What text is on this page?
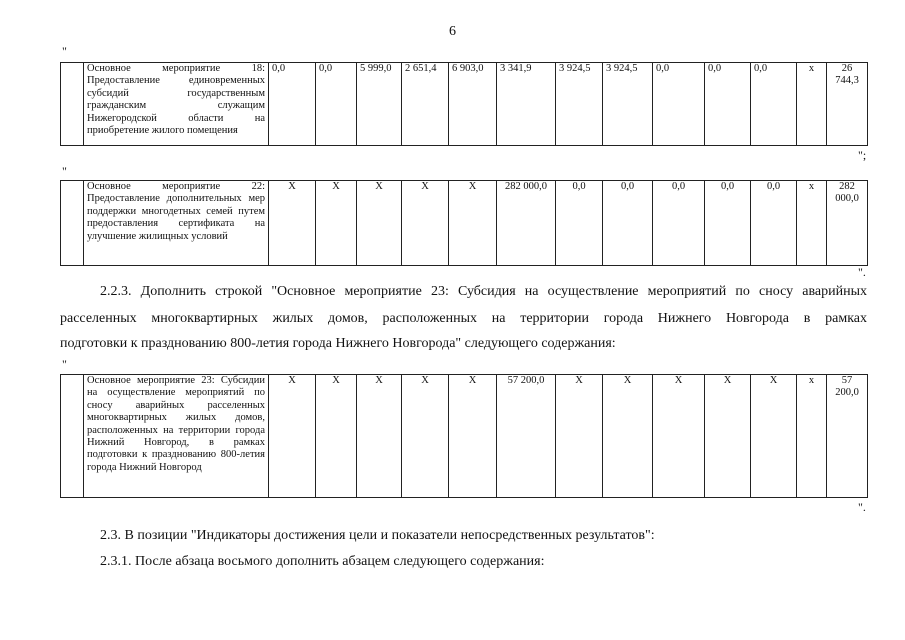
6
"
	Основное мероприятие 18: Предоставление единовременных субсидий государственным гражданским служащим Нижегородской области на приобретение жилого помещения	0,0	0,0	5 999,0	2 651,4	6 903,0	3 341,9	3 924,5	3 924,5	0,0	0,0	0,0	x	26 744,3
";
"
	Основное мероприятие 22: Предоставление дополнительных мер поддержки многодетных семей путем предоставления сертификата на улучшение жилищных условий	X	X	X	X	X	282 000,0	0,0	0,0	0,0	0,0	0,0	x	282 000,0
".
2.2.3. Дополнить строкой "Основное мероприятие 23: Субсидия на осуществление мероприятий по сносу аварийных
расселенных многоквартирных жилых домов, расположенных на территории города Нижнего Новгорода в рамках
подготовки к празднованию 800-летия города Нижнего Новгорода" следующего содержания:
"
	Основное мероприятие 23: Субсидии на осуществление мероприятий по сносу аварийных расселенных многоквартирных жилых домов, расположенных на территории города Нижний Новгород, в рамках подготовки к празднованию 800-летия города Нижний Новгород	X	X	X	X	X	57 200,0	X	X	X	X	X	x	57 200,0
".
2.3. В позиции "Индикаторы достижения цели и показатели непосредственных результатов":
2.3.1. После абзаца восьмого дополнить абзацем следующего содержания:
